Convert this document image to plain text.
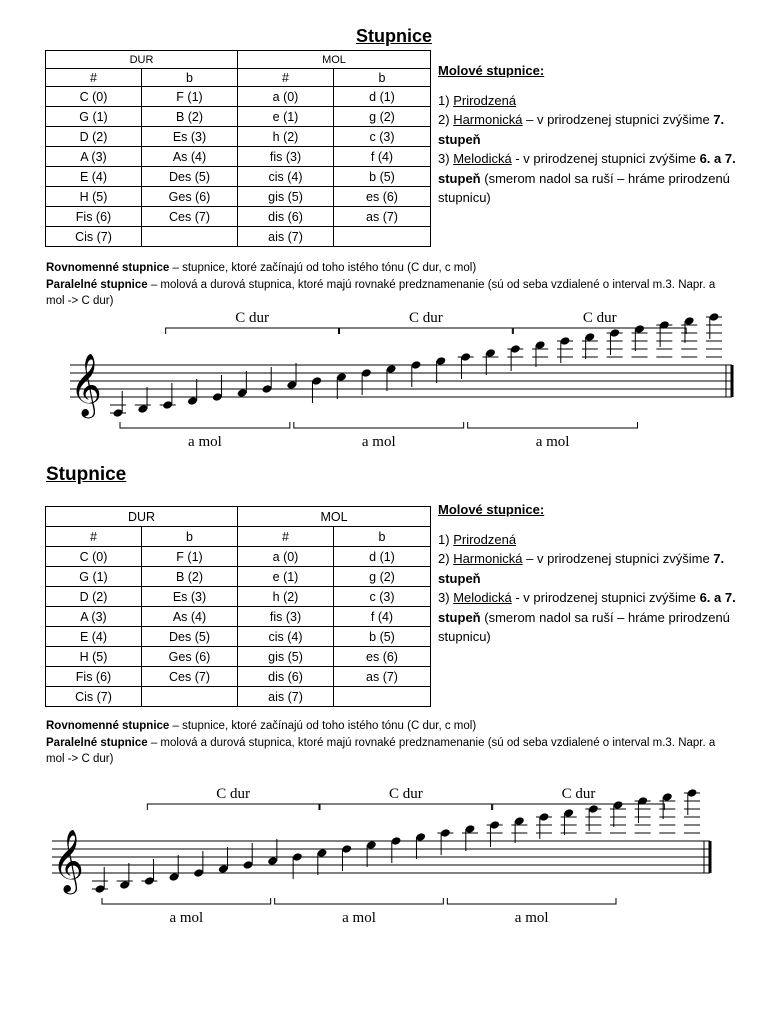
Stupnice
DUR		MOL	
#	b	#	b
C (0)	F (1)	a (0)	d (1)
G (1)	B (2)	e (1)	g (2)
D (2)	Es (3)	h (2)	c (3)
A (3)	As (4)	fis (3)	f (4)
E (4)	Des (5)	cis (4)	b (5)
H (5)	Ges (6)	gis (5)	es (6)
Fis (6)	Ces (7)	dis (6)	as (7)
Cis (7)		ais (7)	
Molové stupnice:
1) Prirodzená
2) Harmonická – v prirodzenej stupnici zvýšime 7. stupeň
3) Melodická - v prirodzenej stupnici zvýšime 6. a 7. stupeň (smerom nadol sa ruší – hráme prirodzenú stupnicu)
Rovnomenné stupnice – stupnice, ktoré začínajú od toho istého tónu (C dur, c mol)
Paralelné stupnice – molová a durová stupnica, ktoré majú rovnaké predznamenanie (sú od seba vzdialené o interval m.3. Napr. a mol -> C dur)
𝄞
C dur	C dur	C dur
a mol	a mol	a mol
Stupnice
DUR		MOL	
#	b	#	b
C (0)	F (1)	a (0)	d (1)
G (1)	B (2)	e (1)	g (2)
D (2)	Es (3)	h (2)	c (3)
A (3)	As (4)	fis (3)	f (4)
E (4)	Des (5)	cis (4)	b (5)
H (5)	Ges (6)	gis (5)	es (6)
Fis (6)	Ces (7)	dis (6)	as (7)
Cis (7)		ais (7)	
Molové stupnice:
1) Prirodzená
2) Harmonická – v prirodzenej stupnici zvýšime 7. stupeň
3) Melodická - v prirodzenej stupnici zvýšime 6. a 7. stupeň (smerom nadol sa ruší – hráme prirodzenú stupnicu)
Rovnomenné stupnice – stupnice, ktoré začínajú od toho istého tónu (C dur, c mol)
Paralelné stupnice – molová a durová stupnica, ktoré majú rovnaké predznamenanie (sú od seba vzdialené o interval m.3. Napr. a mol -> C dur)
𝄞
C dur	C dur	C dur
a mol	a mol	a mol
